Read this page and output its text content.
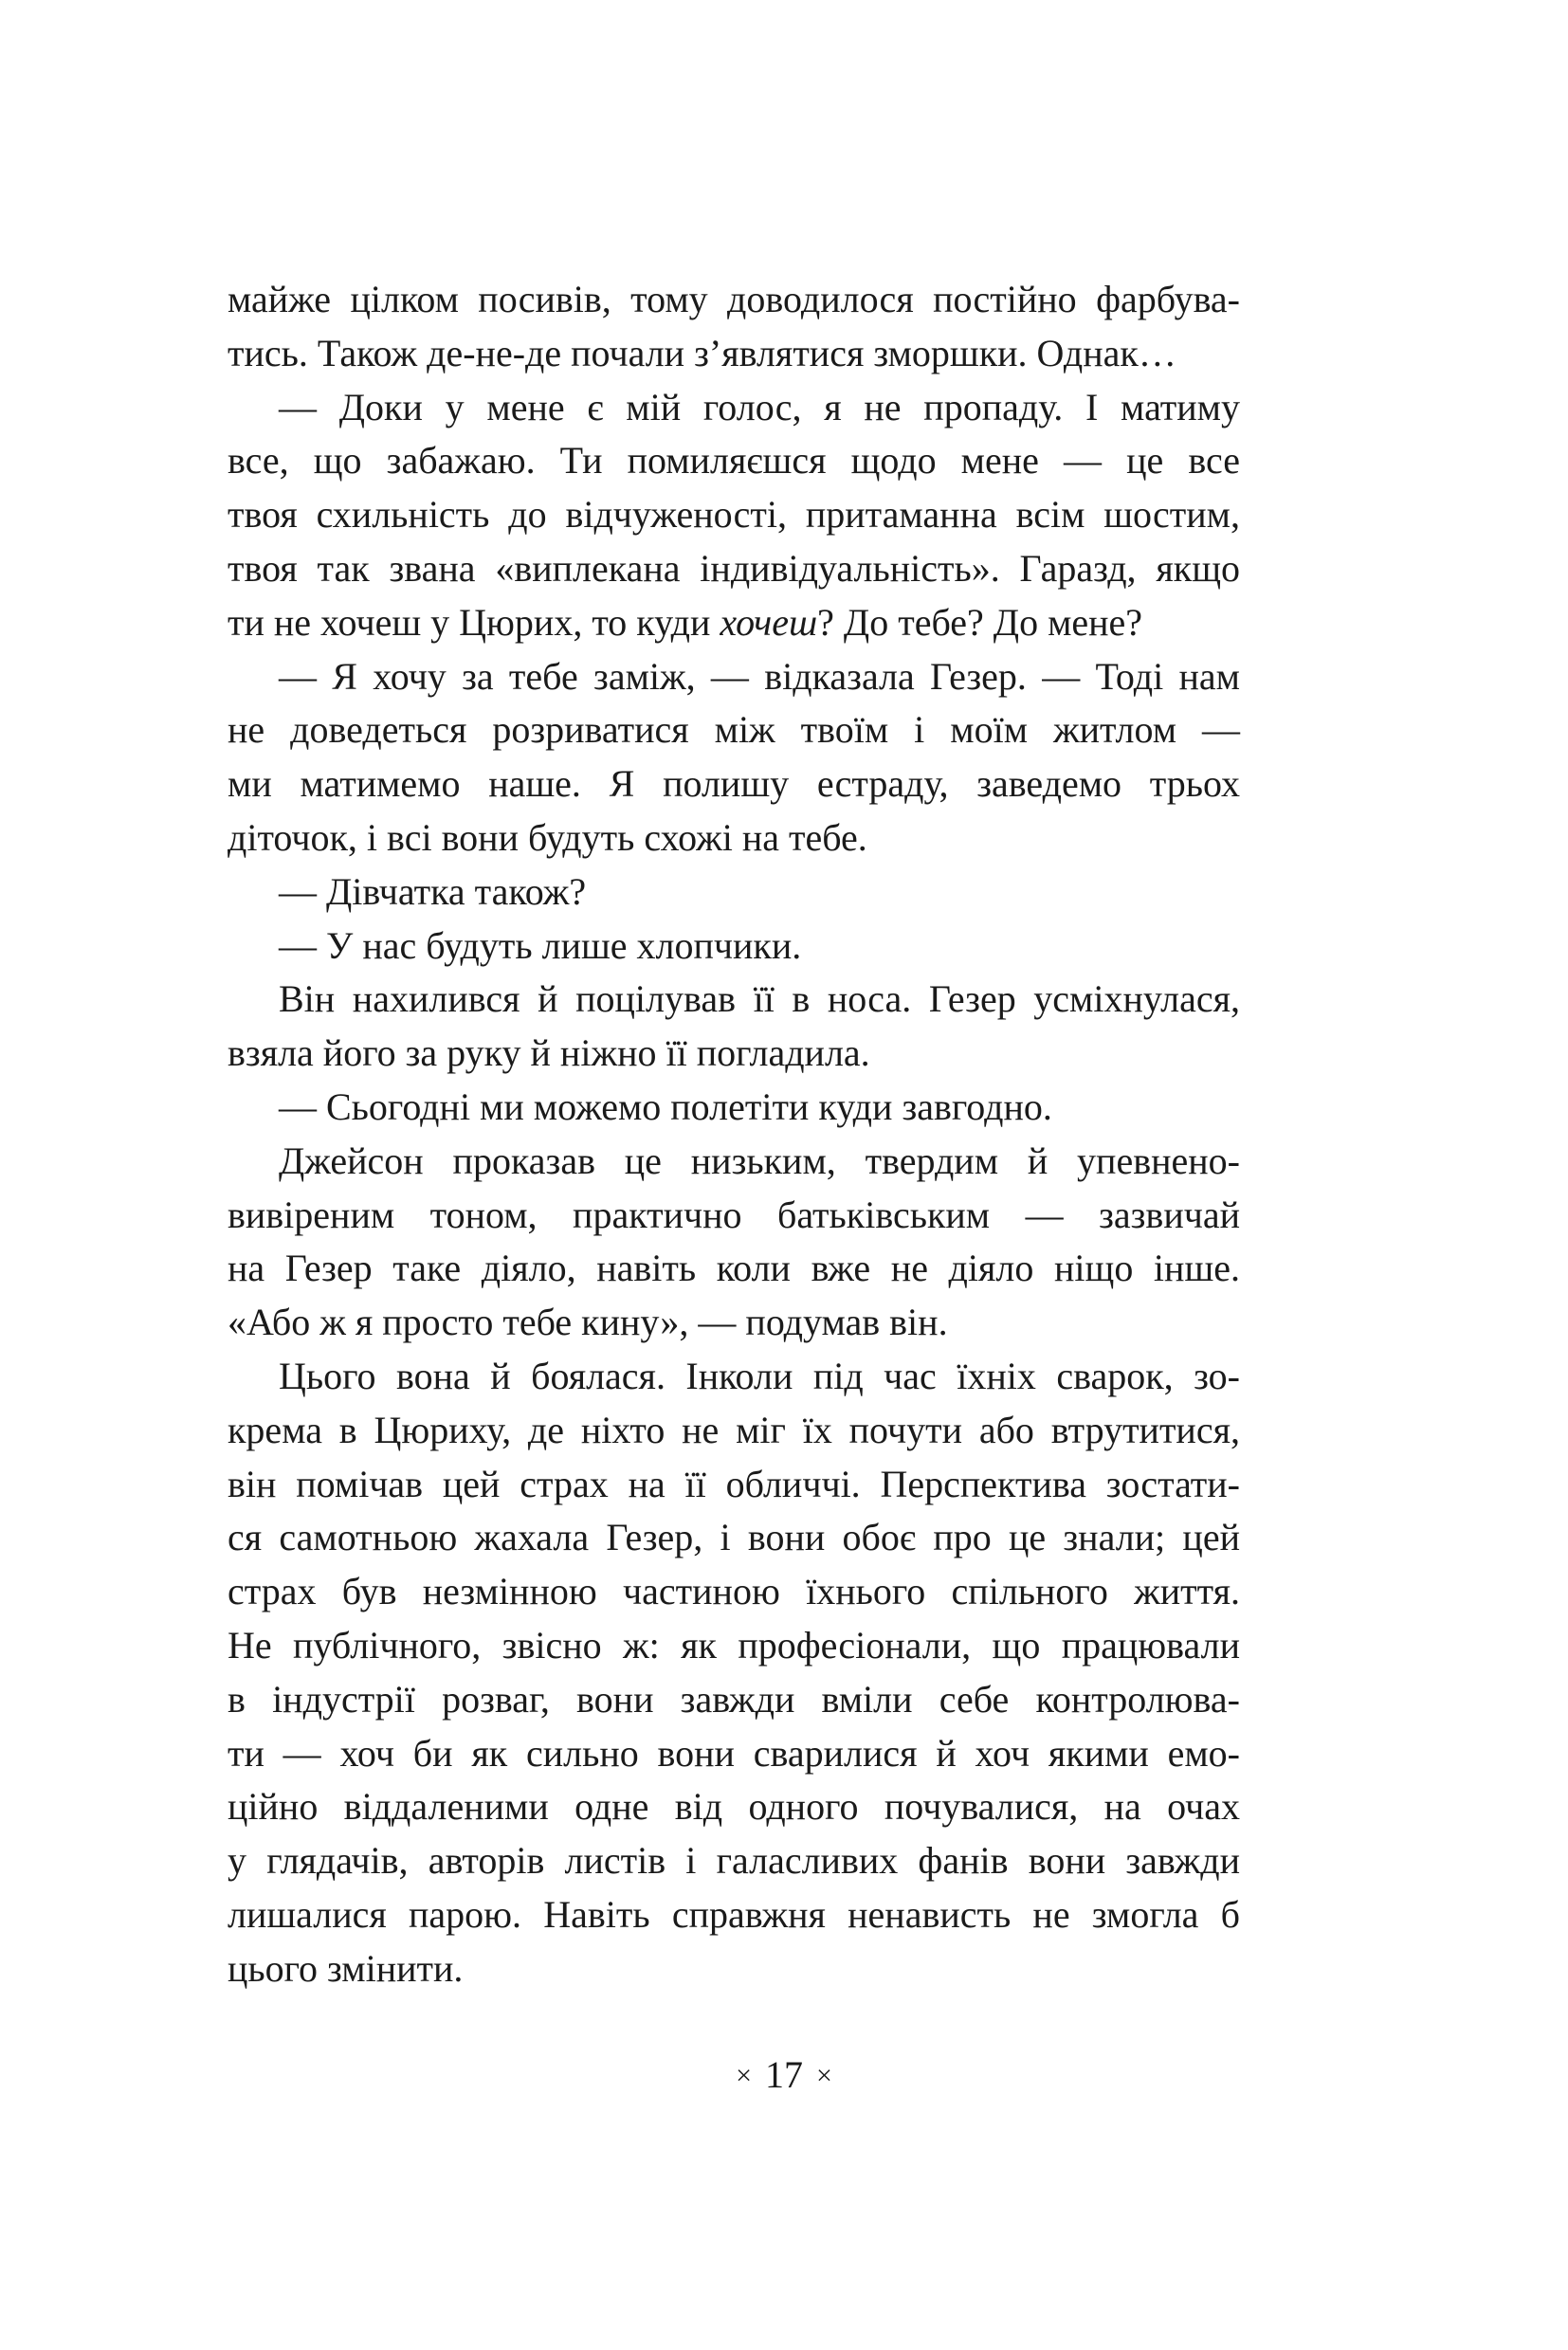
майже цілком посивів, тому доводилося постійно фарбува-
тись. Також де-не-де почали з’являтися зморшки. Однак…
— Доки у мене є мій голос, я не пропаду. І матиму
все, що забажаю. Ти помиляєшся щодо мене — це все
твоя схильність до відчуженості, притаманна всім шостим,
твоя так звана «виплекана індивідуальність». Гаразд, якщо
ти не хочеш у Цюрих, то куди хочеш? До тебе? До мене?
— Я хочу за тебе заміж, — відказала Гезер. — Тоді нам
не доведеться розриватися між твоїм і моїм житлом —
ми матимемо наше. Я полишу естраду, заведемо трьох
діточок, і всі вони будуть схожі на тебе.
— Дівчатка також?
— У нас будуть лише хлопчики.
Він нахилився й поцілував її в носа. Гезер усміхнулася,
взяла його за руку й ніжно її погладила.
— Сьогодні ми можемо полетіти куди завгодно.
Джейсон проказав це низьким, твердим й упевнено-
вивіреним тоном, практично батьківським — зазвичай
на Гезер таке діяло, навіть коли вже не діяло ніщо інше.
«Або ж я просто тебе кину», — подумав він.
Цього вона й боялася. Інколи під час їхніх сварок, зо-
крема в Цюриху, де ніхто не міг їх почути або втрутитися,
він помічав цей страх на її обличчі. Перспектива зостати-
ся самотньою жахала Гезер, і вони обоє про це знали; цей
страх був незмінною частиною їхнього спільного життя.
Не публічного, звісно ж: як професіонали, що працювали
в індустрії розваг, вони завжди вміли себе контролюва-
ти — хоч би як сильно вони сварилися й хоч якими емо-
ційно віддаленими одне від одного почувалися, на очах
у глядачів, авторів листів і галасливих фанів вони завжди
лишалися парою. Навіть справжня ненависть не змогла б
цього змінити.
× 17 ×
